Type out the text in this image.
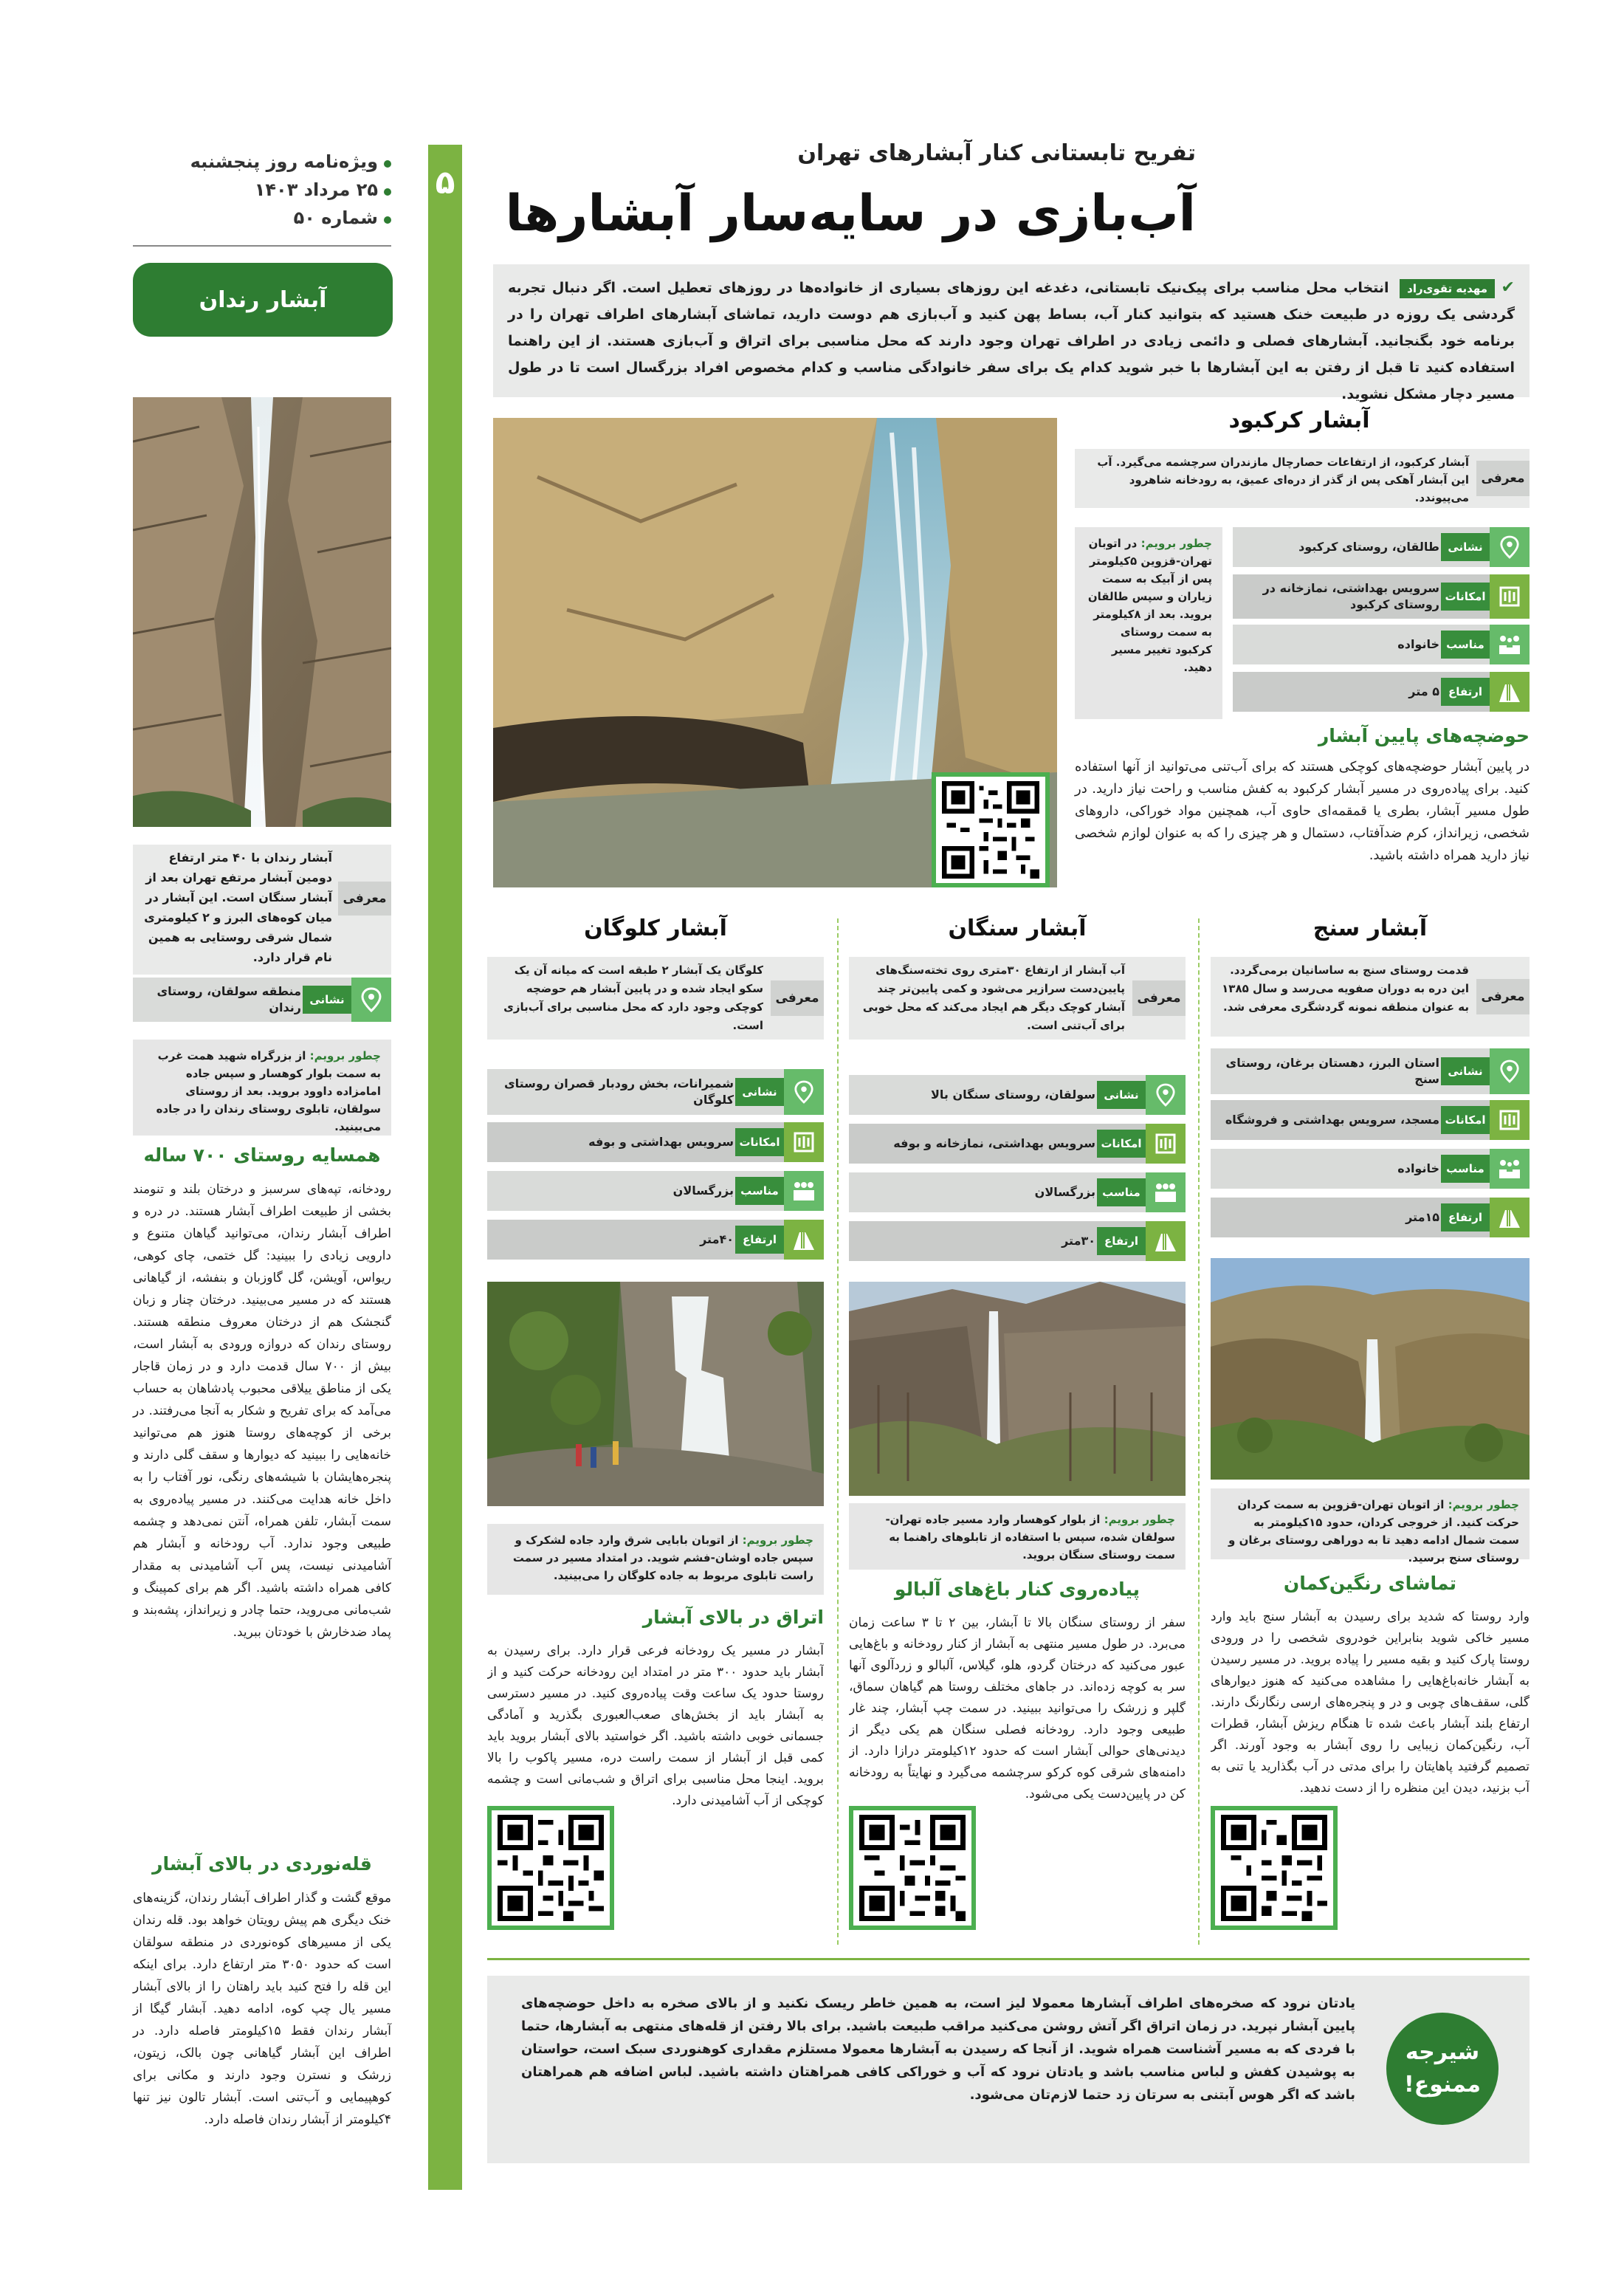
ویژه‌نامه روز پنجشنبه
۲۵ مرداد ۱۴۰۳
شماره ۵۰
آبشار رندان
معرفی
آبشار رندان با ۴۰ متر ارتفاع دومین آبشار مرتفع تهران بعد از آبشار سنگان است. این آبشار در میان کوه‌های البرز و ۲ کیلومتری شمال شرقی روستایی به همین نام قرار دارد.
نشانی
منطقه سولقان، روستای رندان
چطور برویم: از بزرگراه شهید همت غرب به سمت بلوار کوهسار و سپس جاده امامزاده داوود بروید. بعد از روستای سولقان، تابلوی روستای رندان را در جاده می‌بینید.
همسایه روستای ۷۰۰ ساله
رودخانه، تپه‌های سرسبز و درختان بلند و تنومند بخشی از طبیعت اطراف آبشار هستند. در دره و اطراف آبشار رندان، می‌توانید گیاهان متنوع و دارویی زیادی را ببینید: گل ختمی، چای کوهی، ریواس، آویشن، گل گاوزبان و بنفشه، از گیاهانی هستند که در مسیر می‌بینید. درختان چنار و زبان گنجشک هم از درختان معروف منطقه هستند. روستای رندان که دروازه ورودی به آبشار است، بیش از ۷۰۰ سال قدمت دارد و در زمان قاجار یکی از مناطق ییلاقی محبوب پادشاهان به حساب می‌آمد که برای تفریح و شکار به آنجا می‌رفتند. در برخی از کوچه‌های روستا هنوز هم می‌توانید خانه‌هایی را ببینید که دیوارها و سقف گلی دارند و پنجره‌هایشان با شیشه‌های رنگی، نور آفتاب را به داخل خانه هدایت می‌کنند. در مسیر پیاده‌روی به سمت آبشار، تلفن همراه، آنتن نمی‌دهد و چشمه طبیعی وجود ندارد. آب رودخانه و آبشار هم آشامیدنی نیست، پس آب آشامیدنی به مقدار کافی همراه داشته باشید. اگر هم برای کمپینگ و شب‌مانی می‌روید، حتما چادر و زیرانداز، پشه‌بند و پماد ضدخارش با خودتان ببرید.
قله‌نوردی در بالای آبشار
موقع گشت و گذار اطراف آبشار رندان، گزینه‌های خنک دیگری هم پیش رویتان خواهد بود. قله رندان یکی از مسیرهای کوه‌نوردی در منطقه سولقان است که حدود ۳۰۵۰ متر ارتفاع دارد. برای اینکه این قله را فتح کنید باید راهتان را از بالای آبشار مسیر یال چپ کوه، ادامه دهید. آبشار گیگا از آبشار رندان فقط ۱۵کیلومتر فاصله دارد. در اطراف این آبشار گیاهانی چون بالک، زیتون، زرشک و نسترن وجود دارند و مکانی برای کوهپیمایی و آب‌تنی است. آبشار تالون نیز تنها ۴کیلومتر از آبشار رندان فاصله دارد.
۵
تفریح تابستانی کنار آبشارهای تهران
آب‌بازی در سایه‌سار آبشارها
✔ مهدیه تقوی‌راد انتخاب محل مناسب برای پیک‌نیک تابستانی، دغدغه این روزهای بسیاری از خانواده‌ها در روزهای تعطیل است. اگر دنبال تجربه گردشی یک روزه در طبیعت خنک هستید که بتوانید کنار آب، بساط پهن کنید و آب‌بازی هم دوست دارید، تماشای آبشارهای اطراف تهران را در برنامه خود بگنجانید. آبشارهای فصلی و دائمی زیادی در اطراف تهران وجود دارند که محل مناسبی برای اتراق و آب‌بازی هستند. از این راهنما استفاده کنید تا قبل از رفتن به این آبشارها با خبر شوید کدام یک برای سفر خانوادگی مناسب و کدام مخصوص افراد بزرگسال است تا در طول مسیر دچار مشکل نشوید.
آبشار کرکبود
معرفی
آبشار کرکبود، از ارتفاعات حصارچال مازندران سرچشمه می‌گیرد. آب این آبشار آهکی پس از گذر از دره‌ای عمیق، به رودخانه شاهرود می‌پیوندد.
چطور برویم: در اتوبان تهران-قزوین ۵کیلومتر پس از آبیک به سمت زیاران و سپس طالقان بروید. بعد از ۸کیلومتر به سمت روستای کرکبود تغییر مسیر دهید.
نشانی
طالقان، روستای کرکبود
امکانات
سرویس بهداشتی، نمازخانه در روستای کرکبود
مناسب
خانواده
ارتفاع
۵ متر
حوضچه‌های پایین آبشار
در پایین آبشار حوضچه‌های کوچکی هستند که برای آب‌تنی می‌توانید از آنها استفاده کنید. برای پیاده‌روی در مسیر آبشار کرکبود به کفش مناسب و راحت نیاز دارید. در طول مسیر آبشار، بطری یا قمقمه‌ای حاوی آب، همچنین مواد خوراکی، داروهای شخصی، زیرانداز، کرم ضدآفتاب، دستمال و هر چیزی را که به عنوان لوازم شخصی نیاز دارید همراه داشته باشید.
آبشار سنج
معرفی
قدمت روستای سنج به ساسانیان برمی‌گردد. این دره به دوران صفویه می‌رسد و سال ۱۳۸۵ به عنوان منطقه نمونه گردشگری معرفی شد.
نشانی
استان البرز، دهستان برغان، روستای سنج
امکانات
مسجد، سرویس بهداشتی و فروشگاه
مناسب
خانواده
ارتفاع
۱۵متر
چطور برویم: از اتوبان تهران-قزوین به سمت کردان حرکت کنید. از خروجی کردان، حدود ۱۵کیلومتر به سمت شمال ادامه دهید تا به دوراهی روستای برغان و روستای سنج برسید.
تماشای رنگین‌کمان
وارد روستا که شدید برای رسیدن به آبشار سنج باید وارد مسیر خاکی شوید بنابراین خودروی شخصی را در ورودی روستا پارک کنید و بقیه مسیر را پیاده بروید. در مسیر رسیدن به آبشار خانه‌باغ‌هایی را مشاهده می‌کنید که هنوز دیوارهای گلی، سقف‌های چوبی و در و پنجره‌های ارسی رنگارنگ دارند. ارتفاع بلند آبشار باعث شده تا هنگام ریزش آبشار، قطرات آب، رنگین‌کمان زیبایی را روی آبشار به وجود آورند. اگر تصمیم گرفتید پاهایتان را برای مدتی در آب بگذارید یا تنی به آب بزنید، دیدن این منظره را از دست ندهید.
آبشار سنگان
معرفی
آب آبشار از ارتفاع ۳۰متری روی تخته‌سنگ‌های پایین‌دست سرازیر می‌شود و کمی پایین‌تر چند آبشار کوچک دیگر هم ایجاد می‌کند که محل خوبی برای آب‌تنی است.
نشانی
سولقان، روستای سنگان بالا
امکانات
سرویس بهداشتی، نمازخانه و بوفه
مناسب
بزرگسالان
ارتفاع
۳۰متر
چطور برویم: از بلوار کوهسار وارد مسیر جاده تهران-سولقان شده، سپس با استفاده از تابلوهای راهنما به سمت روستای سنگان بروید.
پیاده‌روی کنار باغ‌های آلبالو
سفر از روستای سنگان بالا تا آبشار، بین ۲ تا ۳ ساعت زمان می‌برد. در طول مسیر منتهی به آبشار از کنار رودخانه و باغ‌هایی عبور می‌کنید که درختان گردو، هلو، گیلاس، آلبالو و زردآلوی آنها سر به کوچه زده‌اند. در جاهای مختلف روستا هم گیاهان سماق، گلپر و زرشک را می‌توانید ببینید. در سمت چپ آبشار، چند غار طبیعی وجود دارد. رودخانه فصلی سنگان هم یکی دیگر از دیدنی‌های حوالی آبشار است که حدود ۱۲کیلومتر درازا دارد. از دامنه‌های شرقی کوه کرکو سرچشمه می‌گیرد و نهایتاً به رودخانه کن در پایین‌دست یکی می‌شود.
آبشار کلوگان
معرفی
کلوگان یک آبشار ۲ طبقه است که میانه آن یک سکو ایجاد شده و در پایین آبشار هم حوضچه کوچکی وجود دارد که محل مناسبی برای آب‌بازی است.
نشانی
شمیرانات، بخش رودبار قصران روستای کلوگان
امکانات
سرویس بهداشتی و بوفه
مناسب
بزرگسالان
ارتفاع
۴۰متر
چطور برویم: از اتوبان بابایی شرق وارد جاده لشکرک و سپس جاده اوشان-فشم شوید. در امتداد مسیر در سمت راست تابلوی مربوط به جاده کلوگان را می‌بینید.
اتراق در بالای آبشار
آبشار در مسیر یک رودخانه فرعی قرار دارد. برای رسیدن به آبشار باید حدود ۳۰۰ متر در امتداد این رودخانه حرکت کنید و از روستا حدود یک ساعت وقت پیاده‌روی کنید. در مسیر دسترسی به آبشار باید از بخش‌های صعب‌العبوری بگذرید و آمادگی جسمانی خوبی داشته باشید. اگر خواستید بالای آبشار بروید باید کمی قبل از آبشار از سمت راست دره، مسیر پاکوب را بالا بروید. اینجا محل مناسبی برای اتراق و شب‌مانی است و چشمه کوچکی از آب آشامیدنی دارد.
شیرجه
ممنوع!
یادتان نرود که صخره‌های اطراف آبشارها معمولا لیز است، به همین خاطر ریسک نکنید و از بالای صخره به داخل حوضچه‌های پایین آبشار نپرید. در زمان اتراق اگر آتش روشن می‌کنید مراقب طبیعت باشید. برای بالا رفتن از قله‌های منتهی به آبشارها، حتما با فردی که به مسیر آشناست همراه شوید. از آنجا که رسیدن به آبشارها معمولا مستلزم مقداری کوهنوردی سبک است، حواستان به پوشیدن کفش و لباس مناسب باشد و یادتان نرود که آب و خوراکی کافی همراهتان داشته باشید. لباس اضافه هم همراهتان باشد که اگر هوس آبتنی به سرتان زد حتما لازم‌تان می‌شود.
